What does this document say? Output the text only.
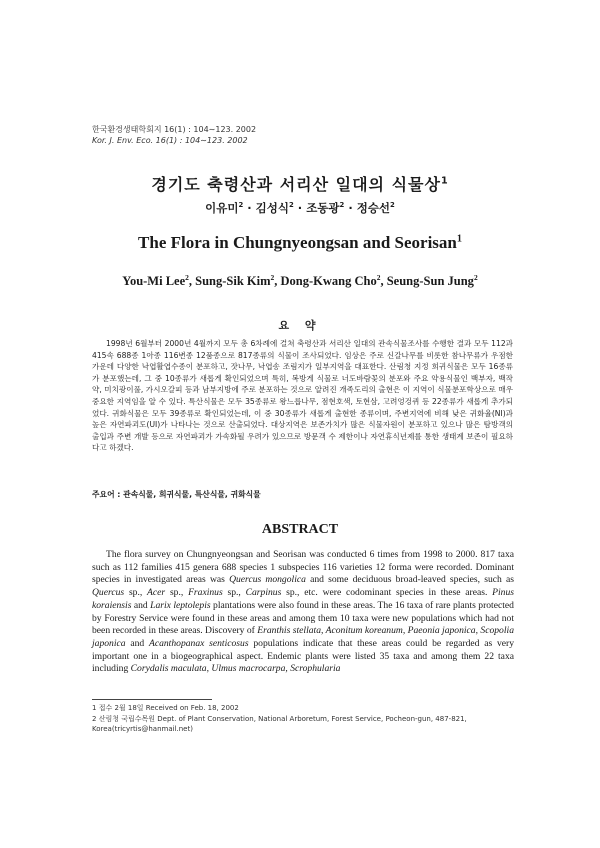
한국환경생태학회지 16(1) : 104∼123. 2002
Kor. J. Env. Eco. 16(1) : 104∼123. 2002
경기도 축령산과 서리산 일대의 식물상$^1$
이유미$^2$ · 김성식$^2$ · 조동광$^2$ · 정승선$^2$
The Flora in Chungnyeongsan and Seorisan$^1$
You-Mi Lee$^2$, Sung-Sik Kim$^2$, Dong-Kwang Cho$^2$, Seung-Sun Jung$^2$
요 약

1998년 6월부터 2000년 4월까지 모두 총 6차례에 걸쳐 축령산과 서리산 일대의 관속식물조사를 수행한 결과 모두 112과 415속 688종 1아종 116변종 12품종으로 817종류의 식물이 조사되었다. 임상은 주로 신갈나무를 비롯한 참나무류가 우점한 가운데 다양한 낙엽활엽수종이 분포하고, 잣나무, 낙엽송 조림지가 일부지역을 대표한다. 산림청 지정 희귀식물은 모두 16종류가 분포했는데, 그 중 10종류가 새롭게 확인되었으며 특히, 복방게 식물로 너도바람꽃의 분포와 주요 약용식물인 백부자, 백작약, 미치광이풀, 가시오갈피 등과 남부지방에 주로 분포하는 것으로 알려진 개족도리의 출현은 이 지역이 식물분포학상으로 매우 중요한 지역임을 알 수 있다. 특산식물은 모두 35종류로 왕느릅나무, 점현호색, 토현삼, 고려엉겅퀴 등 22종류가 새롭게 추가되었다. 귀화식물은 모두 39종류로 확인되었는데, 이 중 30종류가 새롭게 출현한 종류이며, 주변지역에 비해 낮은 귀화율(NI)과 높은 자연파괴도(UI)가 나타나는 것으로 산출되었다. 대상지역은 보존가치가 많은 식물자원이 분포하고 있으나 많은 탐방객의 출입과 주변 개발 등으로 자연파괴가 가속화될 우려가 있으므로 방문객 수 제한이나 자연휴식년제를 통한 생태계 보존이 필요하다고 하겠다.

주요어 : 관속식물, 희귀식물, 특산식물, 귀화식물
ABSTRACT

The flora survey on Chungnyeongsan and Seorisan was conducted 6 times from 1998 to 2000. 817 taxa such as 112 families 415 genera 688 species 1 subspecies 116 varieties 12 forma were recorded. Dominant species in investigated areas was Quercus mongolica and some deciduous broad-leaved species, such as Quercus sp., Acer sp., Fraxinus sp., Carpinus sp., etc. were codominant species in these areas. Pinus koraiensis and Larix leptolepis plantations were also found in these areas. The 16 taxa of rare plants protected by Forestry Service were found in these areas and among them 10 taxa were new populations which had not been recorded in these areas. Discovery of Eranthis stellata, Aconitum koreanum, Paeonia japonica, Scopolia japonica and Acanthopanax senticosus populations indicate that these areas could be regarded as very important one in a biogeographical aspect. Endemic plants were listed 35 taxa and among them 22 taxa including Corydalis maculata, Ulmus macrocarpa, Scrophularia

1 접수 2월 18일 Received on Feb. 18, 2002

2 산림청 국립수목원 Dept. of Plant Conservation, National Arboretum, Forest Service, Pocheon-gun, 487-821, Korea(tricyrtis@hanmail.net)
